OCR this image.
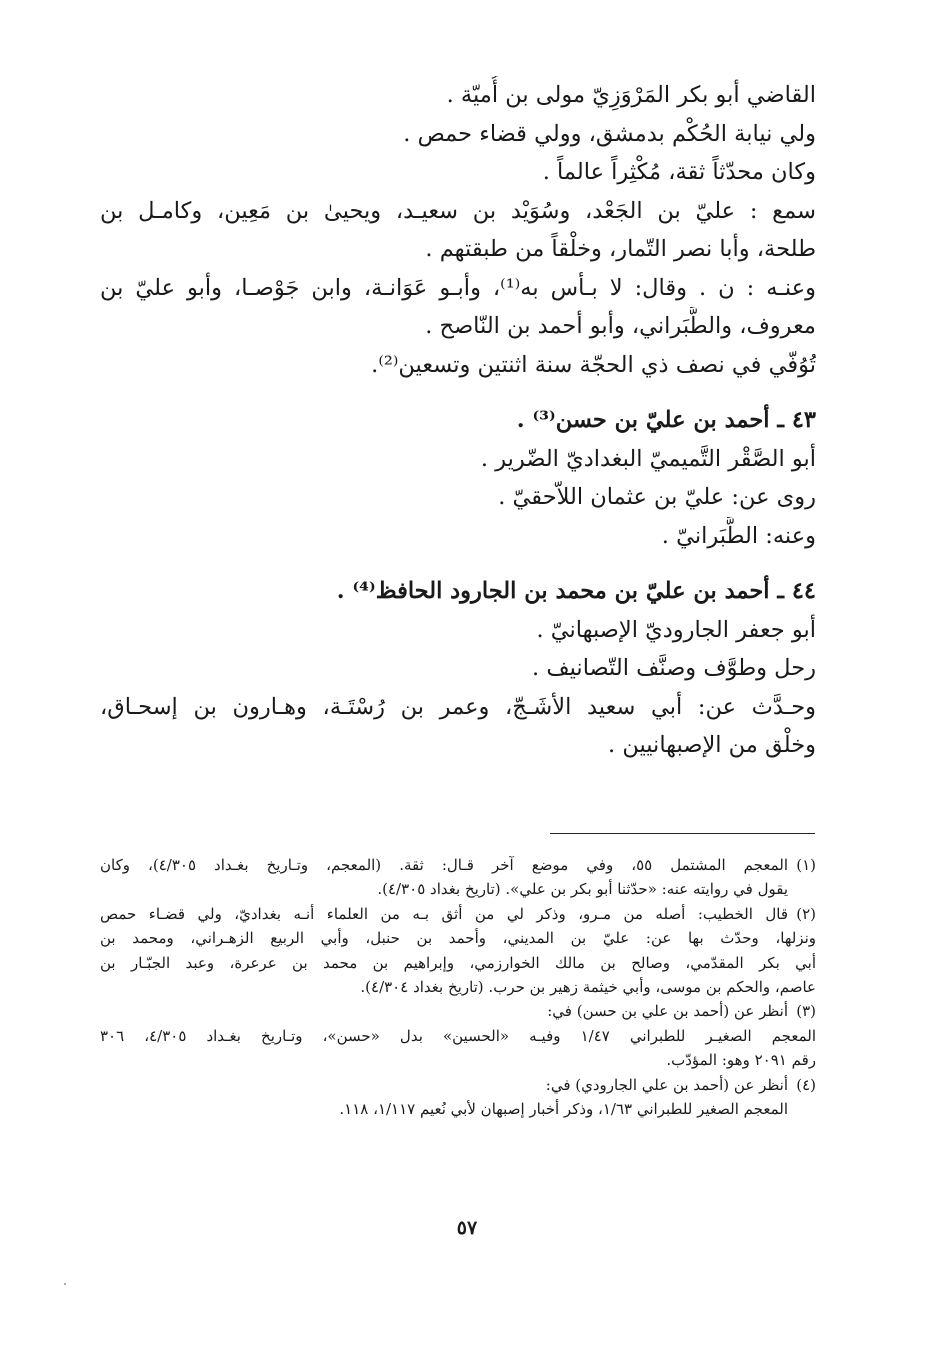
القاضي أبو بكر المَرْوَزِيّ مولى بن أُميّة .
ولي نيابة الحُكْم بدمشق، وولي قضاء حمص .
وكان محدّثاً ثقة، مُكْثِراً عالماً .
سمع : عليّ بن الجَعْد، وسُوَيْد بن سعيـد، ويحيىٰ بن مَعِين، وكامـل بن
طلحة، وأبا نصر التّمار، وخلْقاً من طبقتهم .
وعنـه : ن . وقال: لا بـأس به⁽¹⁾، وأبـو عَوَانـة، وابن جَوْصـا، وأبو عليّ بن
معروف، والطَّبَراني، وأبو أحمد بن النّاصح .
تُوُفّي في نصف ذي الحجّة سنة اثنتين وتسعين⁽²⁾.
٤٣ ـ أحمد بن عليّ بن حسن⁽³⁾ .
أبو الصَّقْر التَّميميّ البغداديّ الضّرير .
روى عن: عليّ بن عثمان اللاّحقيّ .
وعنه: الطَّبَرانيّ .
٤٤ ـ أحمد بن عليّ بن محمد بن الجارود الحافظ⁽⁴⁾ .
أبو جعفر الجاروديّ الإصبهانيّ .
رحل وطوَّف وصنَّف التّصانيف .
وحـدَّث عن: أبي سعيد الأشَـجّ، وعمر بن رُسْتَـة، وهـارون بن إسحـاق،
وخلْق من الإصبهانيين .
(١)المعجم المشتمل ٥٥، وفي موضع آخر قـال: ثقة. (المعجم، وتـاريخ بغـداد ٤/٣٠٥)، وكان
يقول في روايته عنه: «حدّثنا أبو بكر بن علي». (تاريخ بغداد ٤/٣٠٥).
(٢)قال الخطيب: أصله من مـرو، وذكر لي من أثق بـه من العلماء أنـه بغداديّ، ولي قضـاء حمص
ونزلها، وحدّث بها عن: عليّ بن المديني، وأحمد بن حنبل، وأبي الربيع الزهـراني، ومحمد بن
أبي بكر المقدّمي، وصالح بن مالك الخوارزمي، وإبراهيم بن محمد بن عرعرة، وعبد الجبّـار بن
عاصم، والحكم بن موسى، وأبي خيثمة زهير بن حرب. (تاريخ بغداد ٤/٣٠٤).
(٣)أنظر عن (أحمد بن علي بن حسن) في:
المعجم الصغيـر للطبراني ١/٤٧ وفيـه «الحسين» بدل «حسن»، وتـاريخ بغـداد ٤/٣٠٥، ٣٠٦
رقم ٢٠٩١ وهو: المؤدّب.
(٤)أنظر عن (أحمد بن علي الجارودي) في:
المعجم الصغير للطبراني ١/٦٣، وذكر أخبار إصبهان لأبي نُعيم ١/١١٧، ١١٨.
٥٧
